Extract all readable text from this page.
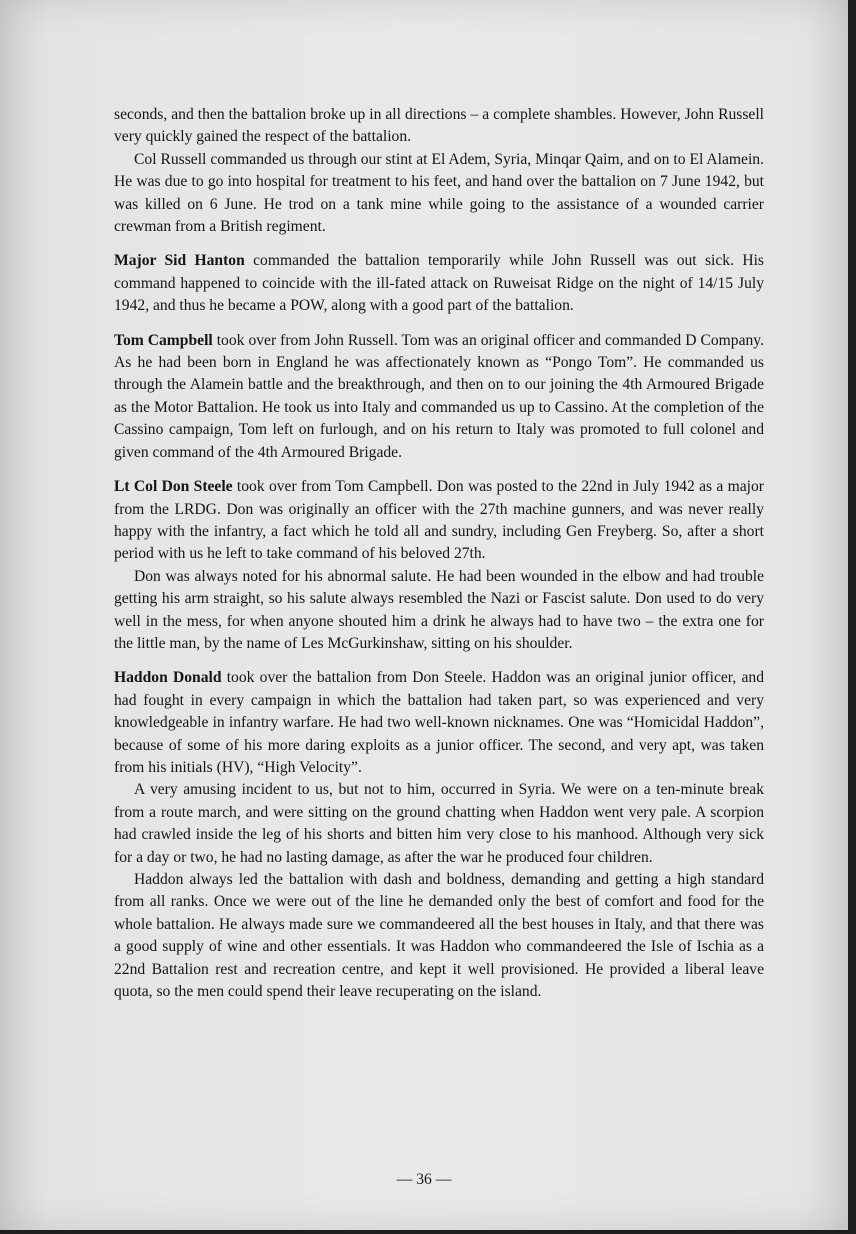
seconds, and then the battalion broke up in all directions – a complete shambles. However, John Russell very quickly gained the respect of the battalion.

Col Russell commanded us through our stint at El Adem, Syria, Minqar Qaim, and on to El Alamein. He was due to go into hospital for treatment to his feet, and hand over the battalion on 7 June 1942, but was killed on 6 June. He trod on a tank mine while going to the assistance of a wounded carrier crewman from a British regiment.

Major Sid Hanton commanded the battalion temporarily while John Russell was out sick. His command happened to coincide with the ill-fated attack on Ruweisat Ridge on the night of 14/15 July 1942, and thus he became a POW, along with a good part of the battalion.

Tom Campbell took over from John Russell. Tom was an original officer and commanded D Company. As he had been born in England he was affectionately known as “Pongo Tom”. He commanded us through the Alamein battle and the breakthrough, and then on to our joining the 4th Armoured Brigade as the Motor Battalion. He took us into Italy and commanded us up to Cassino. At the completion of the Cassino campaign, Tom left on furlough, and on his return to Italy was promoted to full colonel and given command of the 4th Armoured Brigade.

Lt Col Don Steele took over from Tom Campbell. Don was posted to the 22nd in July 1942 as a major from the LRDG. Don was originally an officer with the 27th machine gunners, and was never really happy with the infantry, a fact which he told all and sundry, including Gen Freyberg. So, after a short period with us he left to take command of his beloved 27th.

Don was always noted for his abnormal salute. He had been wounded in the elbow and had trouble getting his arm straight, so his salute always resembled the Nazi or Fascist salute. Don used to do very well in the mess, for when anyone shouted him a drink he always had to have two – the extra one for the little man, by the name of Les McGurkinshaw, sitting on his shoulder.

Haddon Donald took over the battalion from Don Steele. Haddon was an original junior officer, and had fought in every campaign in which the battalion had taken part, so was experienced and very knowledgeable in infantry warfare. He had two well-known nicknames. One was “Homicidal Haddon”, because of some of his more daring exploits as a junior officer. The second, and very apt, was taken from his initials (HV), “High Velocity”.

A very amusing incident to us, but not to him, occurred in Syria. We were on a ten-minute break from a route march, and were sitting on the ground chatting when Haddon went very pale. A scorpion had crawled inside the leg of his shorts and bitten him very close to his manhood. Although very sick for a day or two, he had no lasting damage, as after the war he produced four children.

Haddon always led the battalion with dash and boldness, demanding and getting a high standard from all ranks. Once we were out of the line he demanded only the best of comfort and food for the whole battalion. He always made sure we commandeered all the best houses in Italy, and that there was a good supply of wine and other essentials. It was Haddon who commandeered the Isle of Ischia as a 22nd Battalion rest and recreation centre, and kept it well provisioned. He provided a liberal leave quota, so the men could spend their leave recuperating on the island.

— 36 —
